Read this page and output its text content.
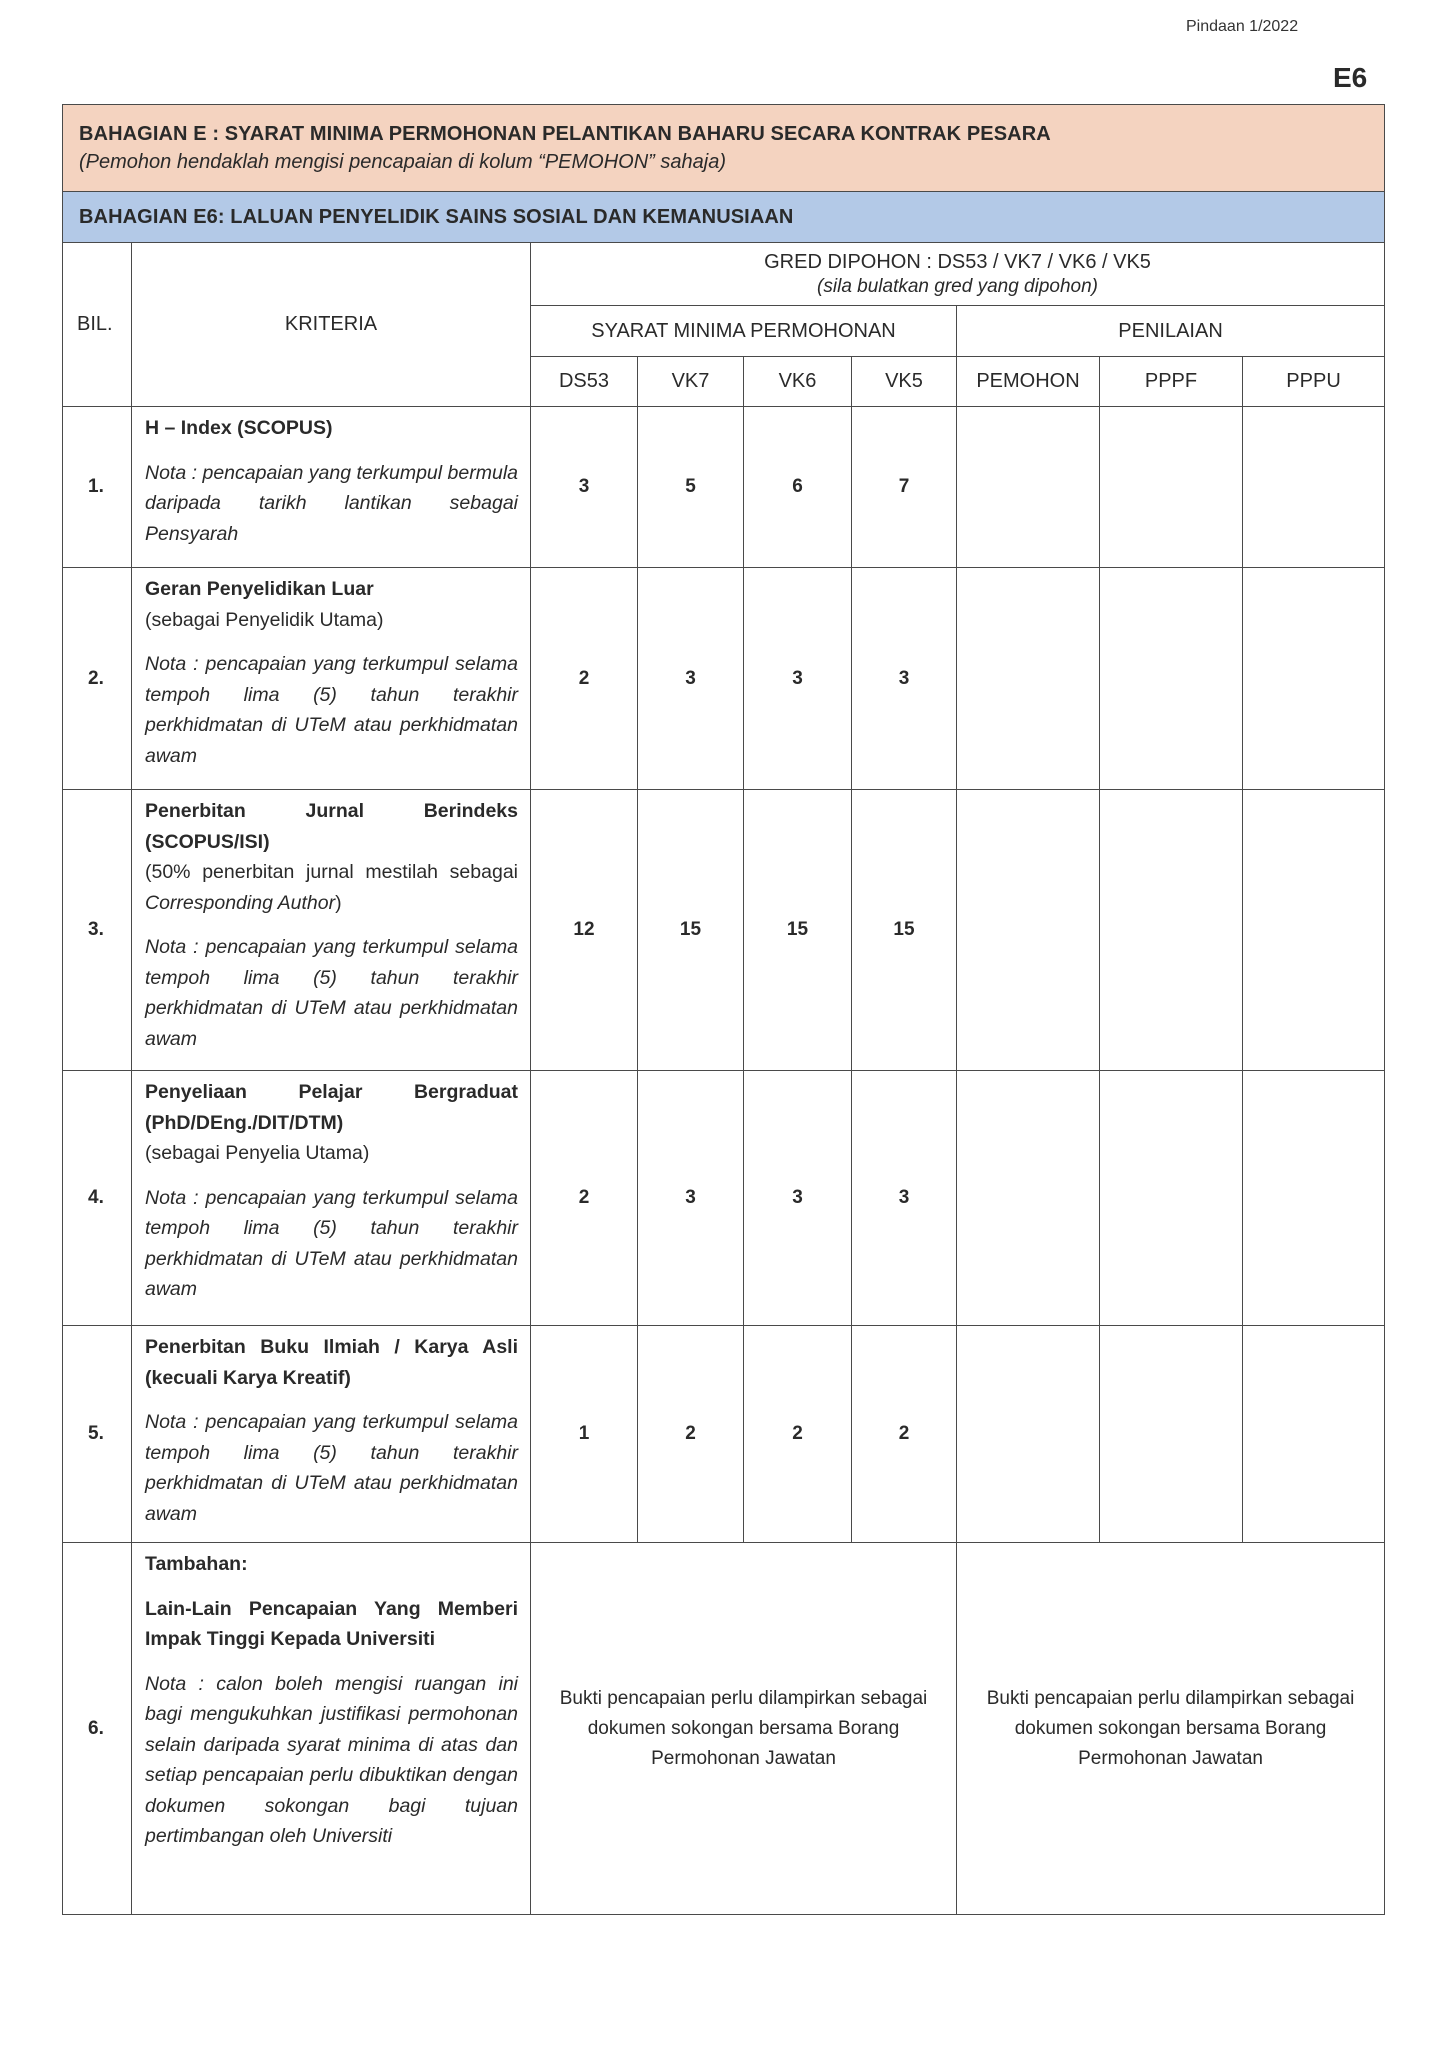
Pindaan 1/2022
E6
BAHAGIAN E : SYARAT MINIMA PERMOHONAN PELANTIKAN BAHARU SECARA KONTRAK PESARA
(Pemohon hendaklah mengisi pencapaian di kolum “PEMOHON” sahaja)								

BAHAGIAN E6: LALUAN PENYELIDIK SAINS SOSIAL DAN KEMANUSIAAN								

BIL.	KRITERIA	GRED DIPOHON : DS53 / VK7 / VK6 / VK5
(sila bulatkan gred yang dipohon)						

		SYARAT MINIMA PERMOHONAN				PENILAIAN		
		DS53	VK7	VK6	VK5	PEMOHON	PPPF	PPPU
1.	H – Index (SCOPUS)
Nota : pencapaian yang terkumpul bermula daripada tarikh lantikan sebagai Pensyarah	3	5	6	7			
2.	Geran Penyelidikan Luar
(sebagai Penyelidik Utama)
Nota : pencapaian yang terkumpul selama tempoh lima (5) tahun terakhir perkhidmatan di UTeM atau perkhidmatan awam	2	3	3	3			
3.	Penerbitan Jurnal Berindeks (SCOPUS/ISI)
(50% penerbitan jurnal mestilah sebagai Corresponding Author)
Nota : pencapaian yang terkumpul selama tempoh lima (5) tahun terakhir perkhidmatan di UTeM atau perkhidmatan awam	12	15	15	15			
4.	Penyeliaan Pelajar Bergraduat (PhD/DEng./DIT/DTM)
(sebagai Penyelia Utama)
Nota : pencapaian yang terkumpul selama tempoh lima (5) tahun terakhir perkhidmatan di UTeM atau perkhidmatan awam	2	3	3	3			
5.	Penerbitan Buku Ilmiah / Karya Asli (kecuali Karya Kreatif)
Nota : pencapaian yang terkumpul selama tempoh lima (5) tahun terakhir perkhidmatan di UTeM atau perkhidmatan awam	1	2	2	2			
6.	Tambahan:
Lain-Lain Pencapaian Yang Memberi Impak Tinggi Kepada Universiti
Nota : calon boleh mengisi ruangan ini bagi mengukuhkan justifikasi permohonan selain daripada syarat minima di atas dan setiap pencapaian perlu dibuktikan dengan dokumen sokongan bagi tujuan pertimbangan oleh Universiti	Bukti pencapaian perlu dilampirkan sebagai dokumen sokongan bersama Borang Permohonan Jawatan				Bukti pencapaian perlu dilampirkan sebagai dokumen sokongan bersama Borang Permohonan Jawatan		
